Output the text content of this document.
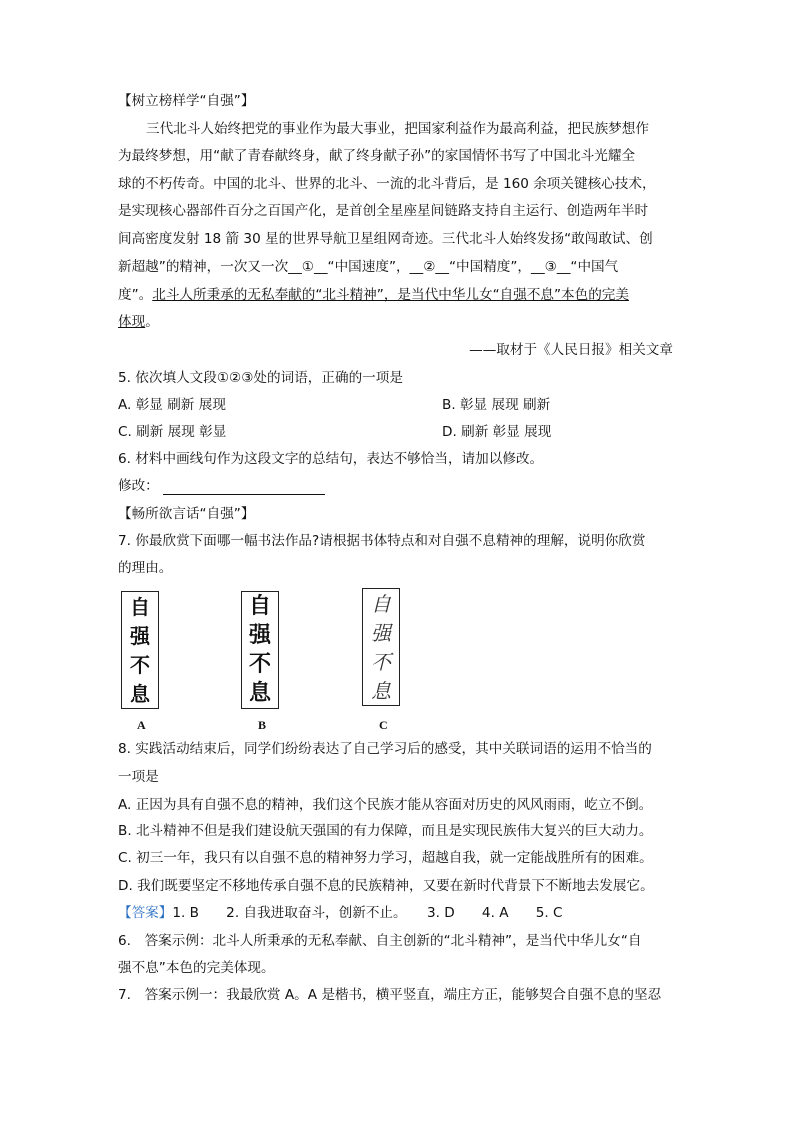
【树立榜样学“自强”】
三代北斗人始终把党的事业作为最大事业，把国家利益作为最高利益，把民族梦想作
为最终梦想，用“献了青春献终身，献了终身献子孙”的家国情怀书写了中国北斗光耀全
球的不朽传奇。中国的北斗、世界的北斗、一流的北斗背后，是 160 余项关键核心技术，
是实现核心器部件百分之百国产化，是首创全星座星间链路支持自主运行、创造两年半时
间高密度发射 18 箭 30 星的世界导航卫星组网奇迹。三代北斗人始终发扬“敢闯敢试、创
新超越”的精神，一次又一次__①__“中国速度”，__②__“中国精度”，__③__“中国气
度”。北斗人所秉承的无私奉献的“北斗精神”，是当代中华儿女“自强不息”本色的完美
体现。
——取材于《人民日报》相关文章
5. 依次填人文段①②③处的词语，正确的一项是
A. 彰显 刷新 展现	B. 彰显 展现 刷新
C. 刷新 展现 彰显	D. 刷新 彰显 展现
6. 材料中画线句作为这段文字的总结句，表达不够恰当，请加以修改。
修改：
【畅所欲言话“自强”】
7. 你最欣赏下面哪一幅书法作品?请根据书体特点和对自强不息精神的理解，说明你欣赏
的理由。
自
强
不
息
自
强
不
息
自
强
不
息
A	B	C
8. 实践活动结束后，同学们纷纷表达了自己学习后的感受，其中关联词语的运用不恰当的
一项是
A. 正因为具有自强不息的精神，我们这个民族才能从容面对历史的风风雨雨，屹立不倒。
B. 北斗精神不但是我们建设航天强国的有力保障，而且是实现民族伟大复兴的巨大动力。
C. 初三一年，我只有以自强不息的精神努力学习，超越自我，就一定能战胜所有的困难。
D. 我们既要坚定不移地传承自强不息的民族精神，又要在新时代背景下不断地去发展它。
【答案】1. B　　2. 自我进取奋斗，创新不止。　　3. D　　4. A　　5. C
6.　答案示例：北斗人所秉承的无私奉献、自主创新的“北斗精神”，是当代中华儿女“自
强不息”本色的完美体现。
7.　答案示例一：我最欣赏 A。A 是楷书，横平竖直，端庄方正，能够契合自强不息的坚忍
